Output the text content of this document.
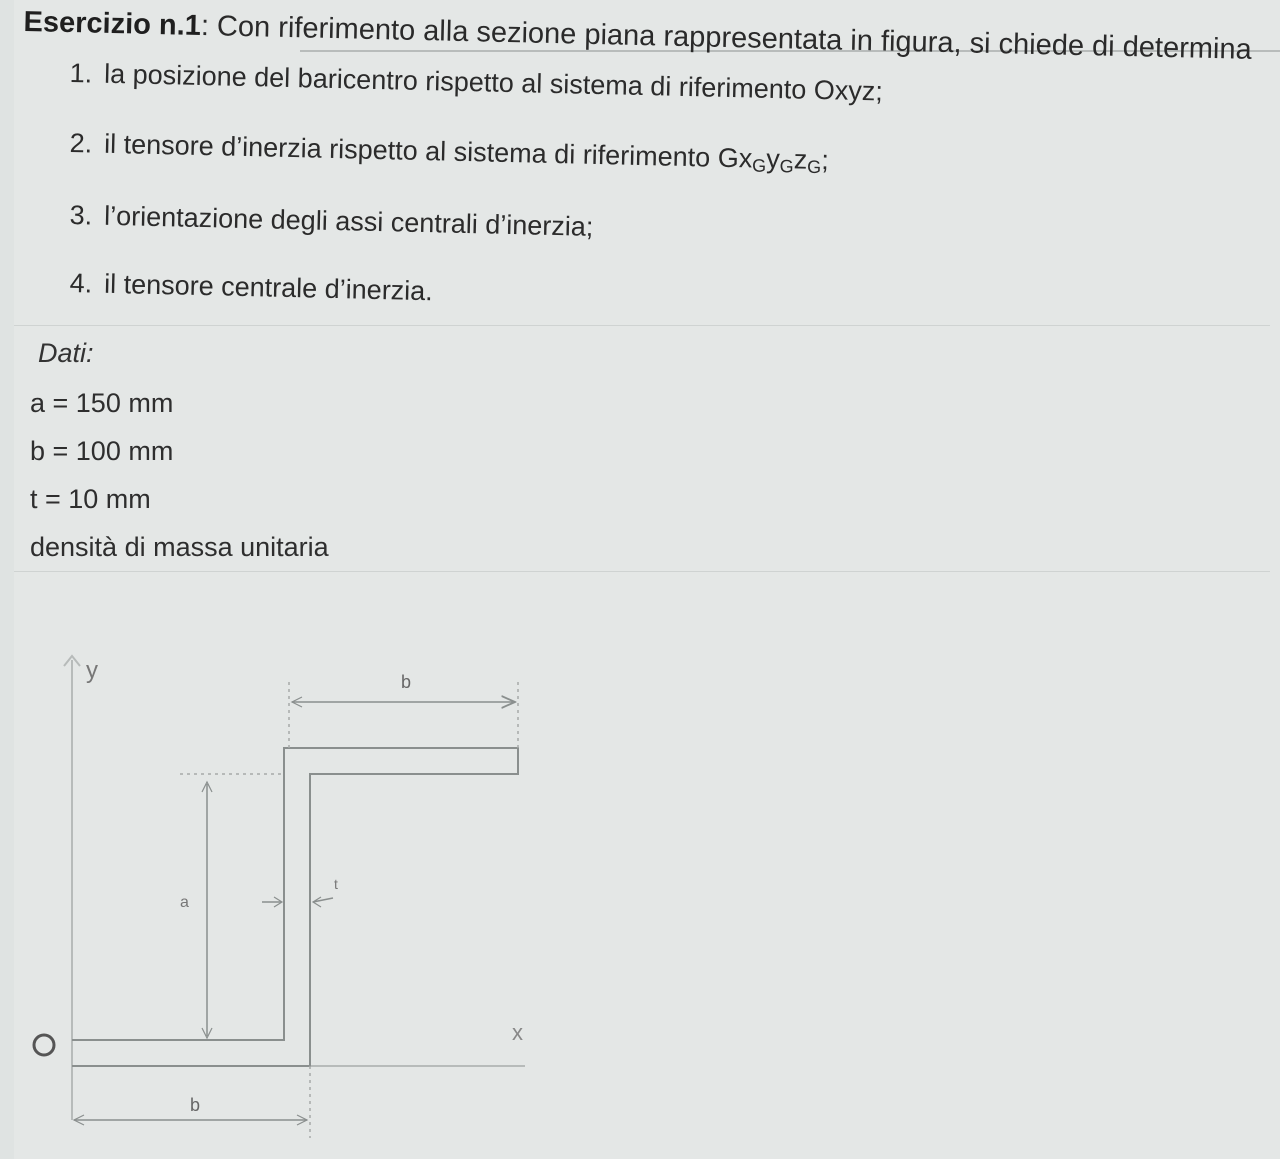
Esercizio n.1: Con riferimento alla sezione piana rappresentata in figura, si chiede di determina
1. la posizione del baricentro rispetto al sistema di riferimento Oxyz;
2. il tensore d’inerzia rispetto al sistema di riferimento $Gx_Gy_Gz_G$;
3. l’orientazione degli assi centrali d’inerzia;
4. il tensore centrale d’inerzia.
Dati:
a = 150 mm
b = 100 mm
t = 10 mm
densità di massa unitaria
y
x
O
b
a
t
b
